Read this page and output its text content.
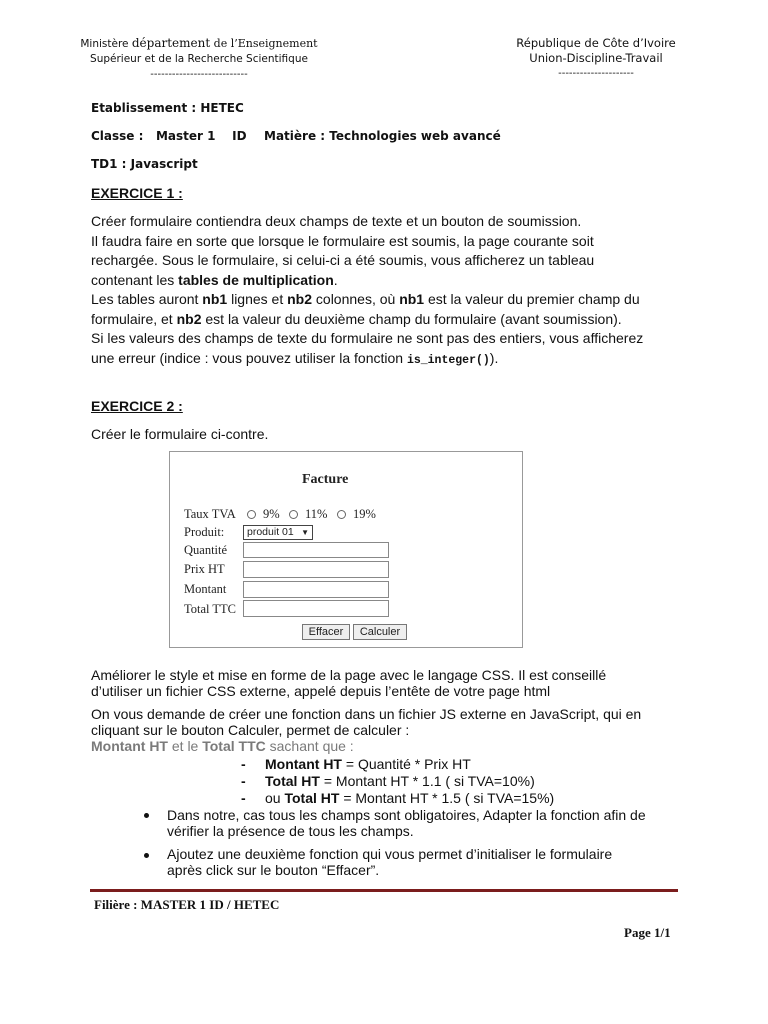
Ministère département de l’Enseignement
Supérieur et de la Recherche Scientifique
---------------------------
République de Côte d’Ivoire
Union-Discipline-Travail
---------------------
Etablissement : HETEC
Classe :   Master 1    ID Matière : Technologies web avancé
TD1 : Javascript
EXERCICE 1 :
Créer formulaire contiendra deux champs de texte et un bouton de soumission.
Il faudra faire en sorte que lorsque le formulaire est soumis, la page courante soit
rechargée. Sous le formulaire, si celui-ci a été soumis, vous afficherez un tableau
contenant les tables de multiplication.
Les tables auront nb1 lignes et nb2 colonnes, où nb1 est la valeur du premier champ du
formulaire, et nb2 est la valeur du deuxième champ du formulaire (avant soumission).
Si les valeurs des champs de texte du formulaire ne sont pas des entiers, vous afficherez
une erreur (indice : vous pouvez utiliser la fonction is_integer()).
EXERCICE 2 :
Créer le formulaire ci-contre.
Facture
Taux TVA 9% 11% 19%
Produit:	produit 01 ▼
Quantité
Prix HT
Montant
Total TTC
Effacer	Calculer
Améliorer le style et mise en forme de la page avec le langage CSS. Il est conseillé
d’utiliser un fichier CSS externe, appelé depuis l’entête de votre page html
On vous demande de créer une fonction dans un fichier JS externe en JavaScript, qui en
cliquant sur le bouton Calculer, permet de calculer :
Montant HT et le Total TTC sachant que :
- Montant HT = Quantité * Prix HT
- Total HT = Montant HT * 1.1 ( si TVA=10%)
- ou Total HT = Montant HT * 1.5 ( si TVA=15%)
Dans notre, cas tous les champs sont obligatoires, Adapter la fonction afin de
vérifier la présence de tous les champs.
Ajoutez une deuxième fonction qui vous permet d’initialiser le formulaire
après click sur le bouton “Effacer”.
Filière : MASTER 1 ID / HETEC
Page 1/1
